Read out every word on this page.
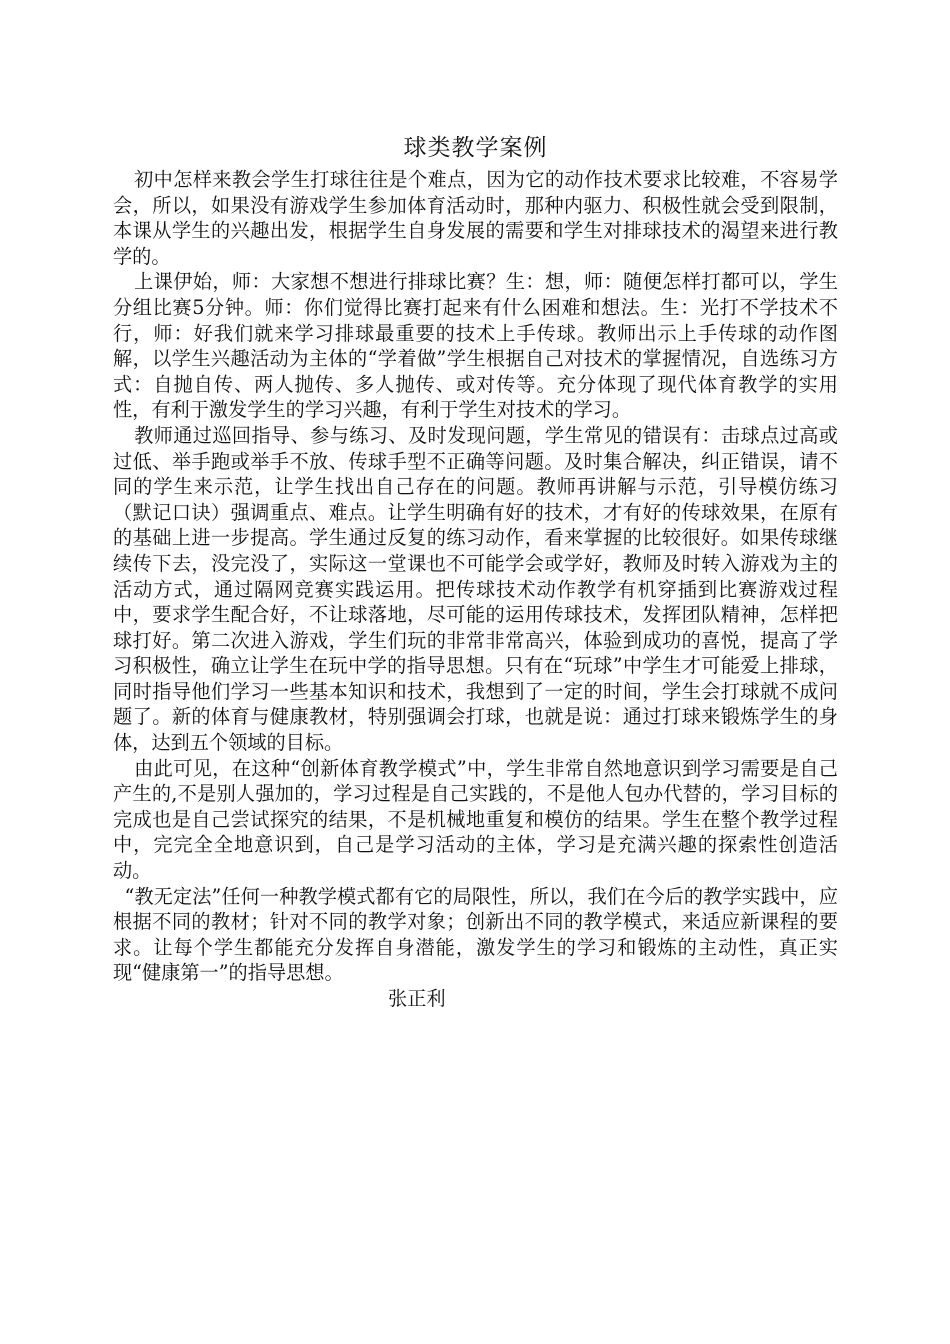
球类教学案例

初中怎样来教会学生打球往往是个难点，因为它的动作技术要求比较难，不容易学会，所以，如果没有游戏学生参加体育活动时，那种内驱力、积极性就会受到限制，本课从学生的兴趣出发，根据学生自身发展的需要和学生对排球技术的渴望来进行教学的。

上课伊始，师：大家想不想进行排球比赛？生：想，师：随便怎样打都可以，学生分组比赛5分钟。师：你们觉得比赛打起来有什么困难和想法。生：光打不学技术不行，师：好我们就来学习排球最重要的技术上手传球。教师出示上手传球的动作图解，以学生兴趣活动为主体的“学着做”学生根据自己对技术的掌握情况，自选练习方式：自抛自传、两人抛传、多人抛传、或对传等。充分体现了现代体育教学的实用性，有利于激发学生的学习兴趣，有利于学生对技术的学习。

教师通过巡回指导、参与练习、及时发现问题，学生常见的错误有：击球点过高或过低、举手跑或举手不放、传球手型不正确等问题。及时集合解决，纠正错误，请不同的学生来示范，让学生找出自己存在的问题。教师再讲解与示范，引导模仿练习（默记口诀）强调重点、难点。让学生明确有好的技术，才有好的传球效果，在原有的基础上进一步提高。学生通过反复的练习动作，看来掌握的比较很好。如果传球继续传下去，没完没了，实际这一堂课也不可能学会或学好，教师及时转入游戏为主的活动方式，通过隔网竞赛实践运用。把传球技术动作教学有机穿插到比赛游戏过程中，要求学生配合好，不让球落地，尽可能的运用传球技术，发挥团队精神，怎样把球打好。第二次进入游戏，学生们玩的非常非常高兴，体验到成功的喜悦，提高了学习积极性，确立让学生在玩中学的指导思想。只有在“玩球”中学生才可能爱上排球，同时指导他们学习一些基本知识和技术，我想到了一定的时间，学生会打球就不成问题了。新的体育与健康教材，特别强调会打球，也就是说：通过打球来锻炼学生的身体，达到五个领域的目标。

由此可见，在这种“创新体育教学模式”中，学生非常自然地意识到学习需要是自己产生的,不是别人强加的，学习过程是自己实践的，不是他人包办代替的，学习目标的完成也是自己尝试探究的结果，不是机械地重复和模仿的结果。学生在整个教学过程中，完完全全地意识到，自己是学习活动的主体，学习是充满兴趣的探索性创造活动。

“教无定法”任何一种教学模式都有它的局限性，所以，我们在今后的教学实践中，应根据不同的教材；针对不同的教学对象；创新出不同的教学模式，来适应新课程的要求。让每个学生都能充分发挥自身潜能，激发学生的学习和锻炼的主动性，真正实现“健康第一”的指导思想。

张正利
